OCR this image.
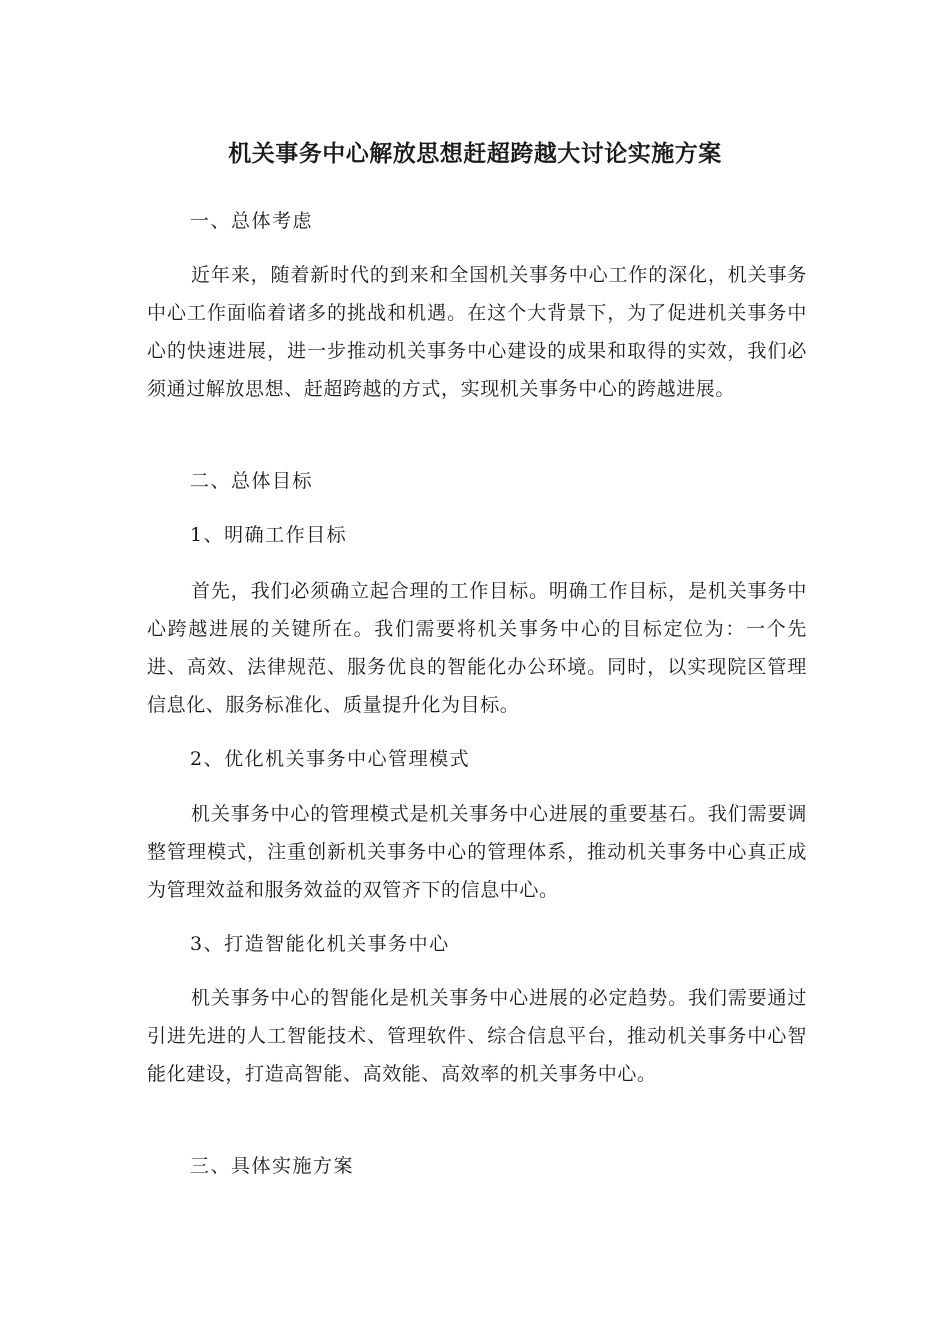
机关事务中心解放思想赶超跨越大讨论实施方案
一、总体考虑

近年来，随着新时代的到来和全国机关事务中心工作的深化，机关事务中心工作面临着诸多的挑战和机遇。在这个大背景下，为了促进机关事务中心的快速进展，进一步推动机关事务中心建设的成果和取得的实效，我们必须通过解放思想、赶超跨越的方式，实现机关事务中心的跨越进展。

二、总体目标
1、明确工作目标

首先，我们必须确立起合理的工作目标。明确工作目标，是机关事务中心跨越进展的关键所在。我们需要将机关事务中心的目标定位为：一个先进、高效、法律规范、服务优良的智能化办公环境。同时，以实现院区管理信息化、服务标准化、质量提升化为目标。

2、优化机关事务中心管理模式

机关事务中心的管理模式是机关事务中心进展的重要基石。我们需要调整管理模式，注重创新机关事务中心的管理体系，推动机关事务中心真正成为管理效益和服务效益的双管齐下的信息中心。

3、打造智能化机关事务中心

机关事务中心的智能化是机关事务中心进展的必定趋势。我们需要通过引进先进的人工智能技术、管理软件、综合信息平台，推动机关事务中心智能化建设，打造高智能、高效能、高效率的机关事务中心。

三、具体实施方案
